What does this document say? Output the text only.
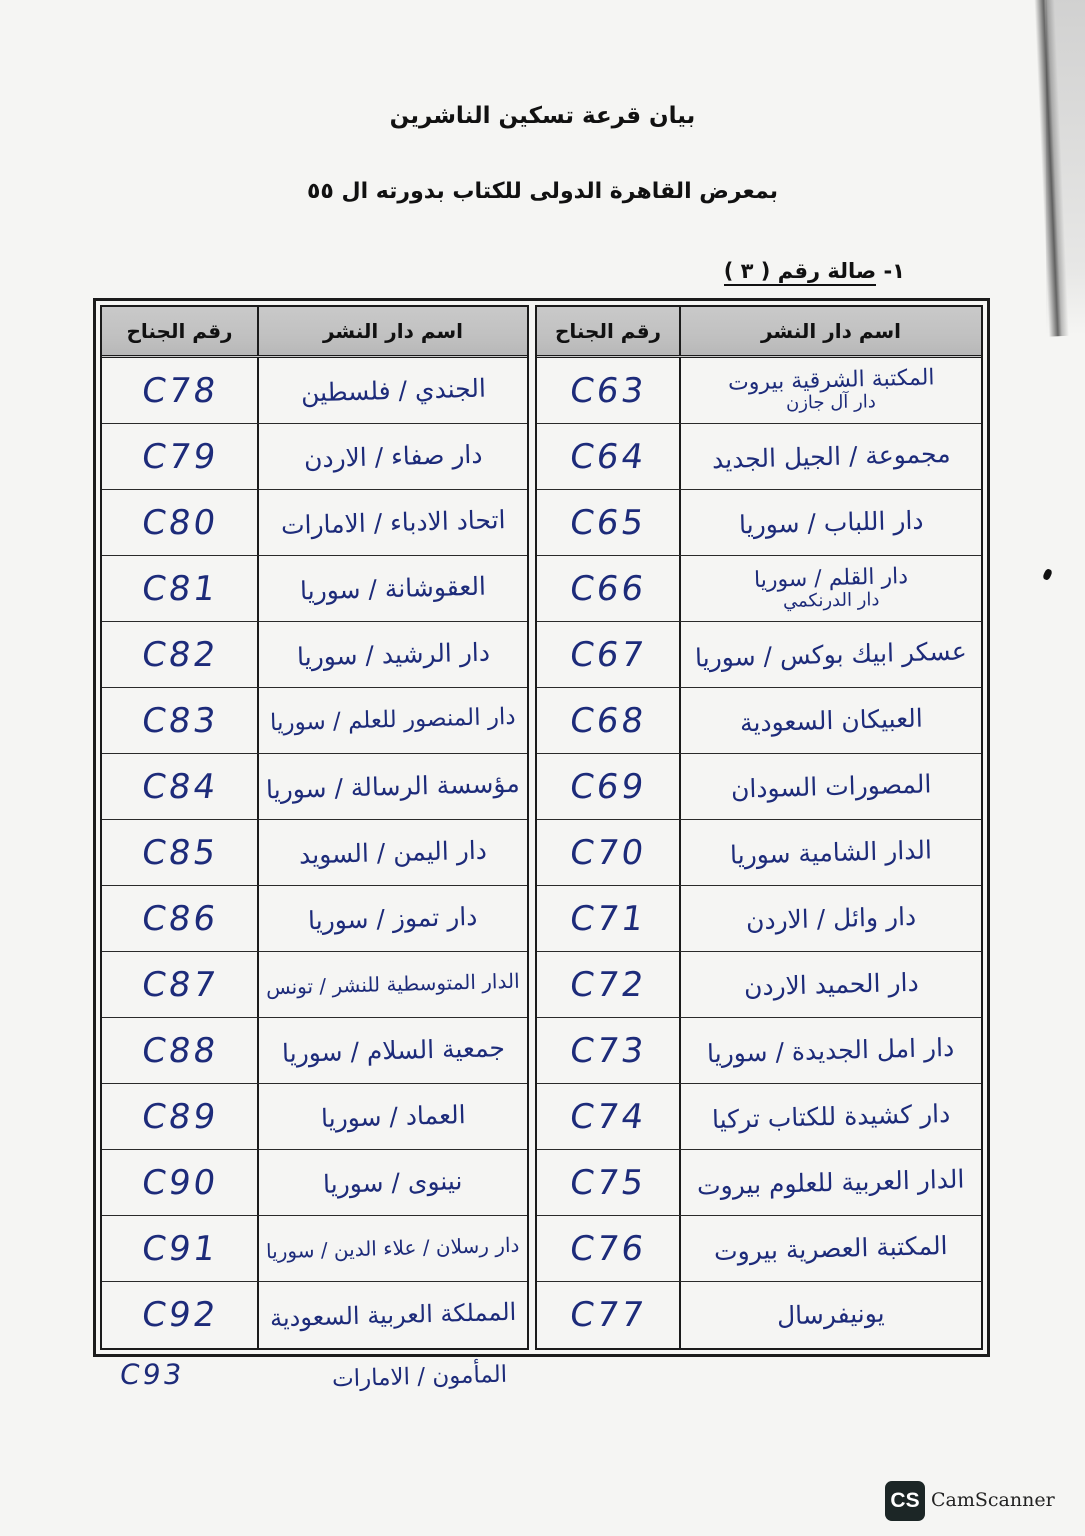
بيان قرعة تسكين الناشرين
بمعرض القاهرة الدولى للكتاب بدورته ال ٥٥
١- صالة رقم ( ٣ )
اسم دار النشر
رقم الجناح
المكتبة الشرقية بيروت
دار آل جازن
C63
مجموعة / الجيل الجديد
C64
دار اللباب / سوريا
C65
دار القلم / سوريا
دار الدرنكمي
C66
عسكر ابيك بوكس / سوريا
C67
العبيكان السعودية
C68
المصورات السودان
C69
الدار الشامية سوريا
C70
دار وائل / الاردن
C71
دار الحميد الاردن
C72
دار امل الجديدة / سوريا
C73
دار كشيدة للكتاب تركيا
C74
الدار العربية للعلوم بيروت
C75
المكتبة العصرية بيروت
C76
يونيفرسال
C77
اسم دار النشر
رقم الجناح
الجندي / فلسطين
C78
دار صفاء / الاردن
C79
اتحاد الادباء / الامارات
C80
العقوشانة / سوريا
C81
دار الرشيد / سوريا
C82
دار المنصور للعلم / سوريا
C83
مؤسسة الرسالة / سوريا
C84
دار اليمن / السويد
C85
دار تموز / سوريا
C86
الدار المتوسطية للنشر / تونس
C87
جمعية السلام / سوريا
C88
العماد / سوريا
C89
نينوى / سوريا
C90
دار رسلان / علاء الدين / سوريا
C91
المملكة العربية السعودية
C92
C93	المأمون / الامارات
CS CamScanner
